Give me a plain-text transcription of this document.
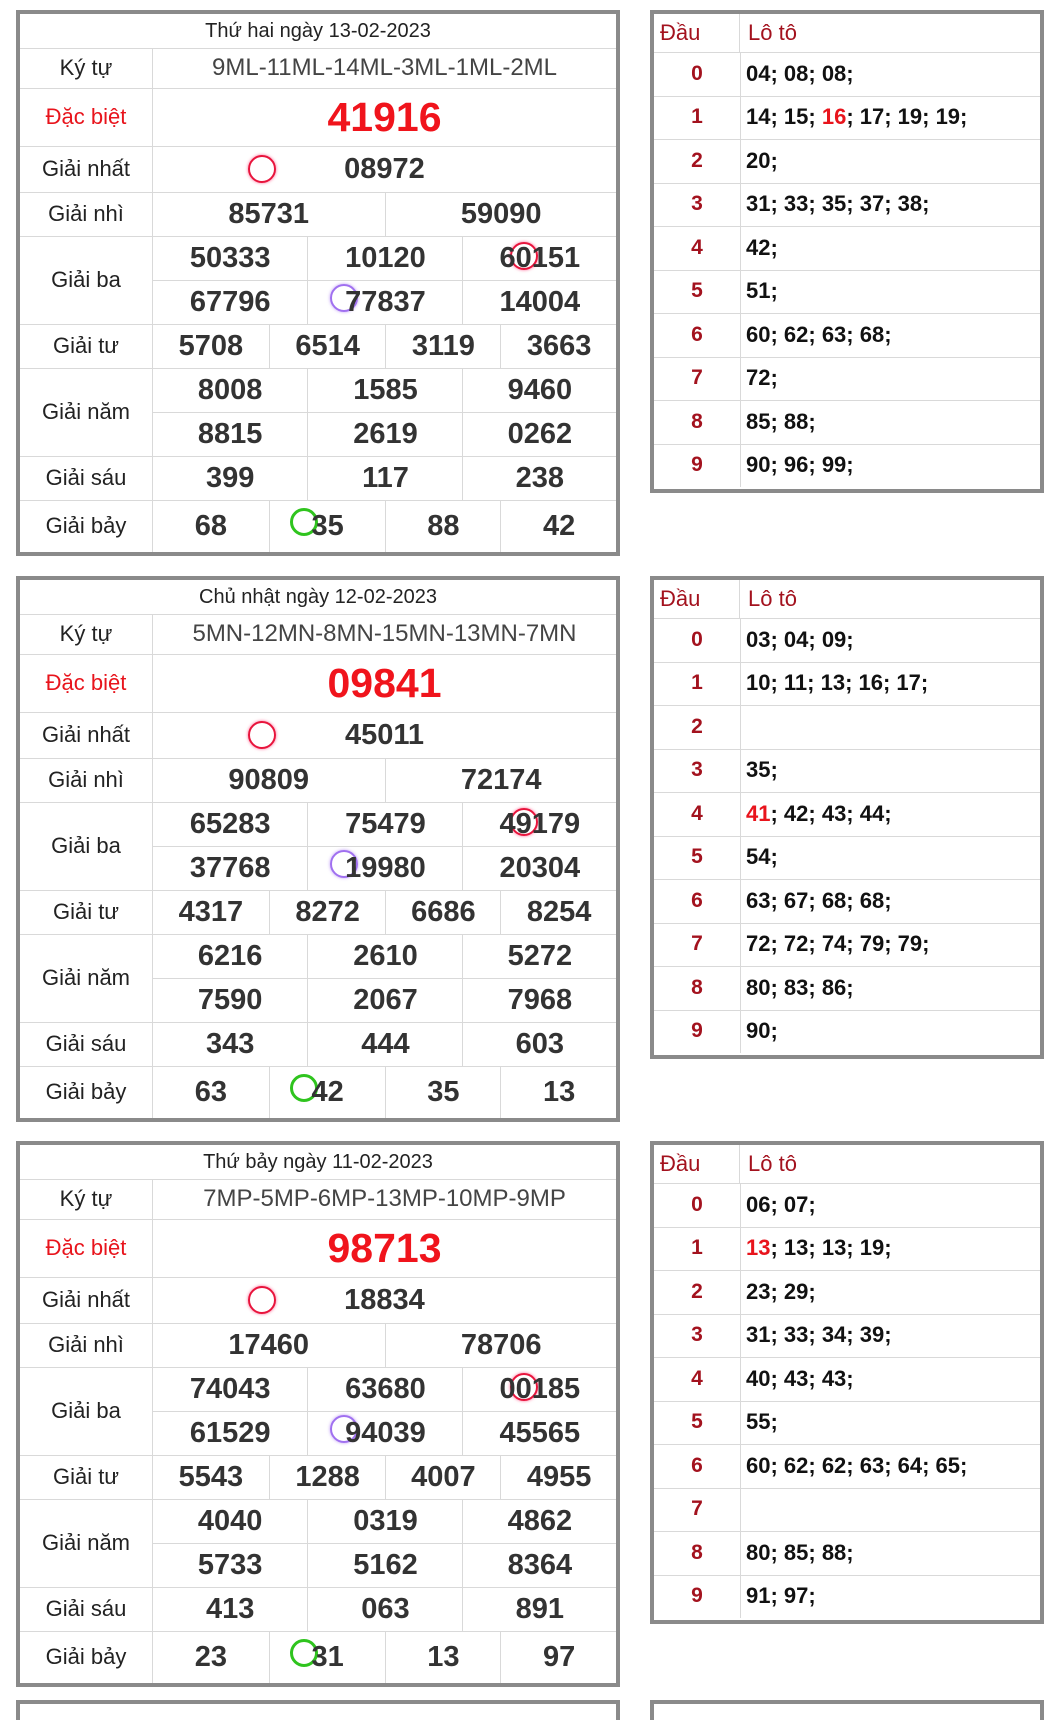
Thứ hai ngày 13-02-2023
Ký tự	9ML-11ML-14ML-3ML-1ML-2ML
Đặc biệt	41916
Giải nhất	08972
Giải nhì	85731	59090
Giải ba
50333	10120	60151
67796	77837	14004
Giải tư	5708	6514	3119	3663
Giải năm
8008	1585	9460
8815	2619	0262
Giải sáu	399	117	238
Giải bảy	68	35	88	42
Đầu Lô tô
0	04; 08; 08;
1	14; 15; 16 ; 17; 19; 19;
2	20;
3	31; 33; 35; 37; 38;
4	42;
5	51;
6	60; 62; 63; 68;
7	72;
8	85; 88;
9	90; 96; 99;
Chủ nhật ngày 12-02-2023
Ký tự	5MN-12MN-8MN-15MN-13MN-7MN
Đặc biệt	09841
Giải nhất	45011
Giải nhì	90809	72174
Giải ba
65283	75479	49179
37768	19980	20304
Giải tư	4317	8272	6686	8254
Giải năm
6216	2610	5272
7590	2067	7968
Giải sáu	343	444	603
Giải bảy	63	42	35	13
Đầu Lô tô
0	03; 04; 09;
1	10; 11; 13; 16; 17;
2
3	35;
4	41 ; 42; 43; 44;
5	54;
6	63; 67; 68; 68;
7	72; 72; 74; 79; 79;
8	80; 83; 86;
9	90;
Thứ bảy ngày 11-02-2023
Ký tự	7MP-5MP-6MP-13MP-10MP-9MP
Đặc biệt	98713
Giải nhất	18834
Giải nhì	17460	78706
Giải ba
74043	63680	00185
61529	94039	45565
Giải tư	5543	1288	4007	4955
Giải năm
4040	0319	4862
5733	5162	8364
Giải sáu	413	063	891
Giải bảy	23	31	13	97
Đầu Lô tô
0	06; 07;
1	13 ; 13; 13; 19;
2	23; 29;
3	31; 33; 34; 39;
4	40; 43; 43;
5	55;
6	60; 62; 62; 63; 64; 65;
7
8	80; 85; 88;
9	91; 97;
